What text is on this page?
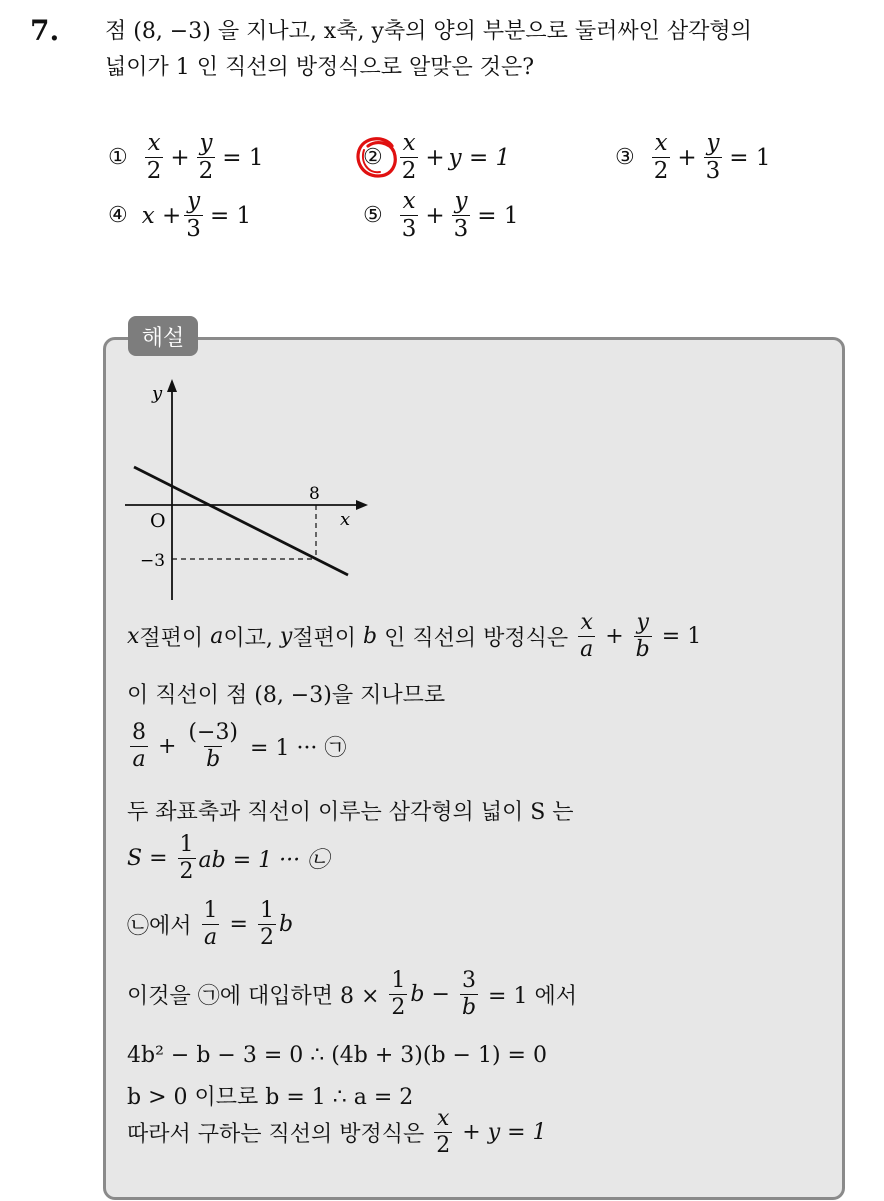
7. 점 (8, −3) 을 지나고, x축, y축의 양의 부분으로 둘러싸인 삼각형의
넓이가 1 인 직선의 방정식으로 알맞은 것은?
① $\frac{x}{2} + \frac{y}{2} = 1$	② $\frac{x}{2} + y = 1$	③ $\frac{x}{2} + \frac{y}{3} = 1$
④ $x + \frac{y}{3} = 1$	⑤ $\frac{x}{3} + \frac{y}{3} = 1$
해설
y
x
O
8
−3
x 절편이
a 이고,
y 절편이
b
인 직선의 방정식은
$\frac{x}{a} + \frac{y}{b}$
= 1
이 직선이 점 (8, −3)을 지나므로
$\frac{8}{a} + \frac{(-3)}{b}$
= 1 ··· ㉠
두 좌표축과 직선이 이루는 삼각형의 넓이 S 는
S =
$\frac{1}{2}$ ab = 1 ··· ㉡
㉡에서
$\frac{1}{a}$
=
$\frac{1}{2}$ b
이것을 ㉠에 대입하면 8 ×
$\frac{1}{2}$ b −
$\frac{3}{b}$
= 1 에서
4b² − b − 3 = 0 ∴ (4b + 3)(b − 1) = 0
b > 0 이므로 b = 1 ∴ a = 2
따라서 구하는 직선의 방정식은
$\frac{x}{2}$
+ y = 1
